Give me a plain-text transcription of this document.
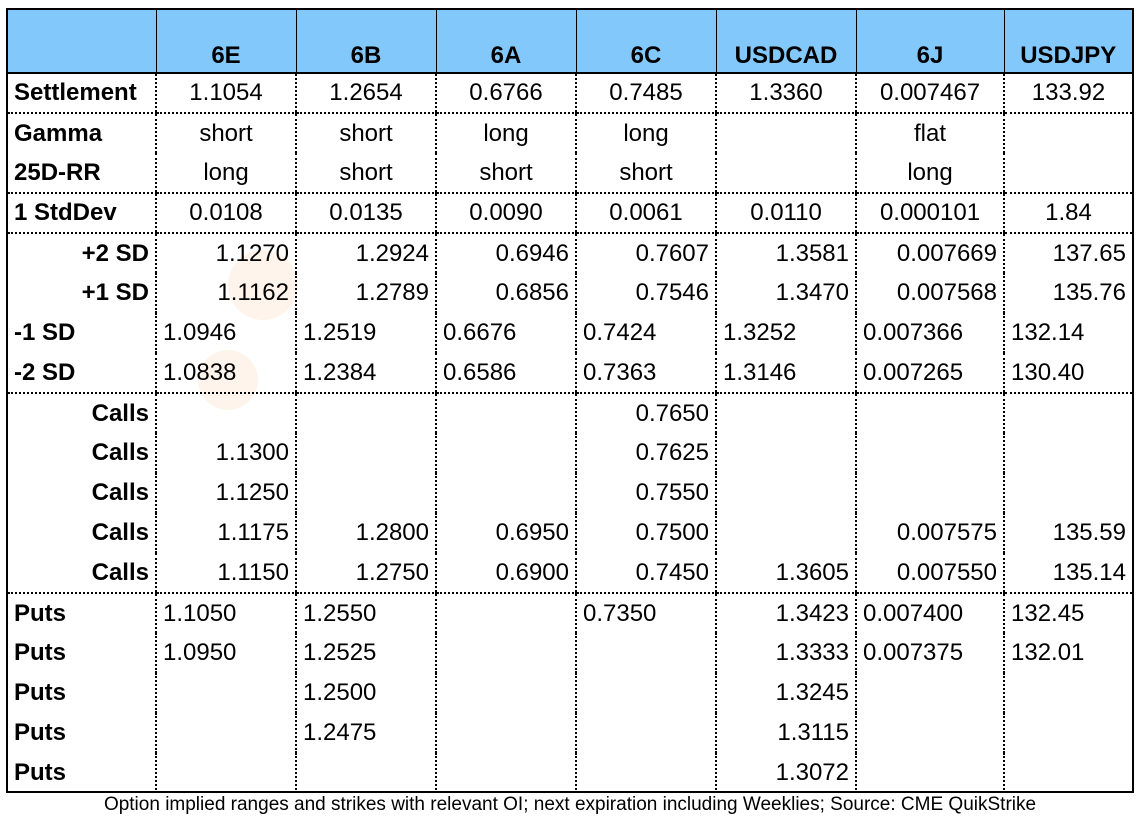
	6E	6B	6A	6C	USDCAD	6J	USDJPY
Settlement	1.1054	1.2654	0.6766	0.7485	1.3360	0.007467	133.92
Gamma	short	short	long	long		flat	
25D-RR	long	short	short	short		long	
1 StdDev	0.0108	0.0135	0.0090	0.0061	0.0110	0.000101	1.84
+2 SD	1.1270	1.2924	0.6946	0.7607	1.3581	0.007669	137.65
+1 SD	1.1162	1.2789	0.6856	0.7546	1.3470	0.007568	135.76
-1 SD	1.0946	1.2519	0.6676	0.7424	1.3252	0.007366	132.14
-2 SD	1.0838	1.2384	0.6586	0.7363	1.3146	0.007265	130.40
Calls				0.7650			
Calls	1.1300			0.7625			
Calls	1.1250			0.7550			
Calls	1.1175	1.2800	0.6950	0.7500		0.007575	135.59
Calls	1.1150	1.2750	0.6900	0.7450	1.3605	0.007550	135.14
Puts	1.1050	1.2550		0.7350	1.3423	0.007400	132.45
Puts	1.0950	1.2525			1.3333	0.007375	132.01
Puts		1.2500			1.3245		
Puts		1.2475			1.3115		
Puts					1.3072		
Option implied ranges and strikes with relevant OI; next expiration including Weeklies; Source: CME QuikStrike
